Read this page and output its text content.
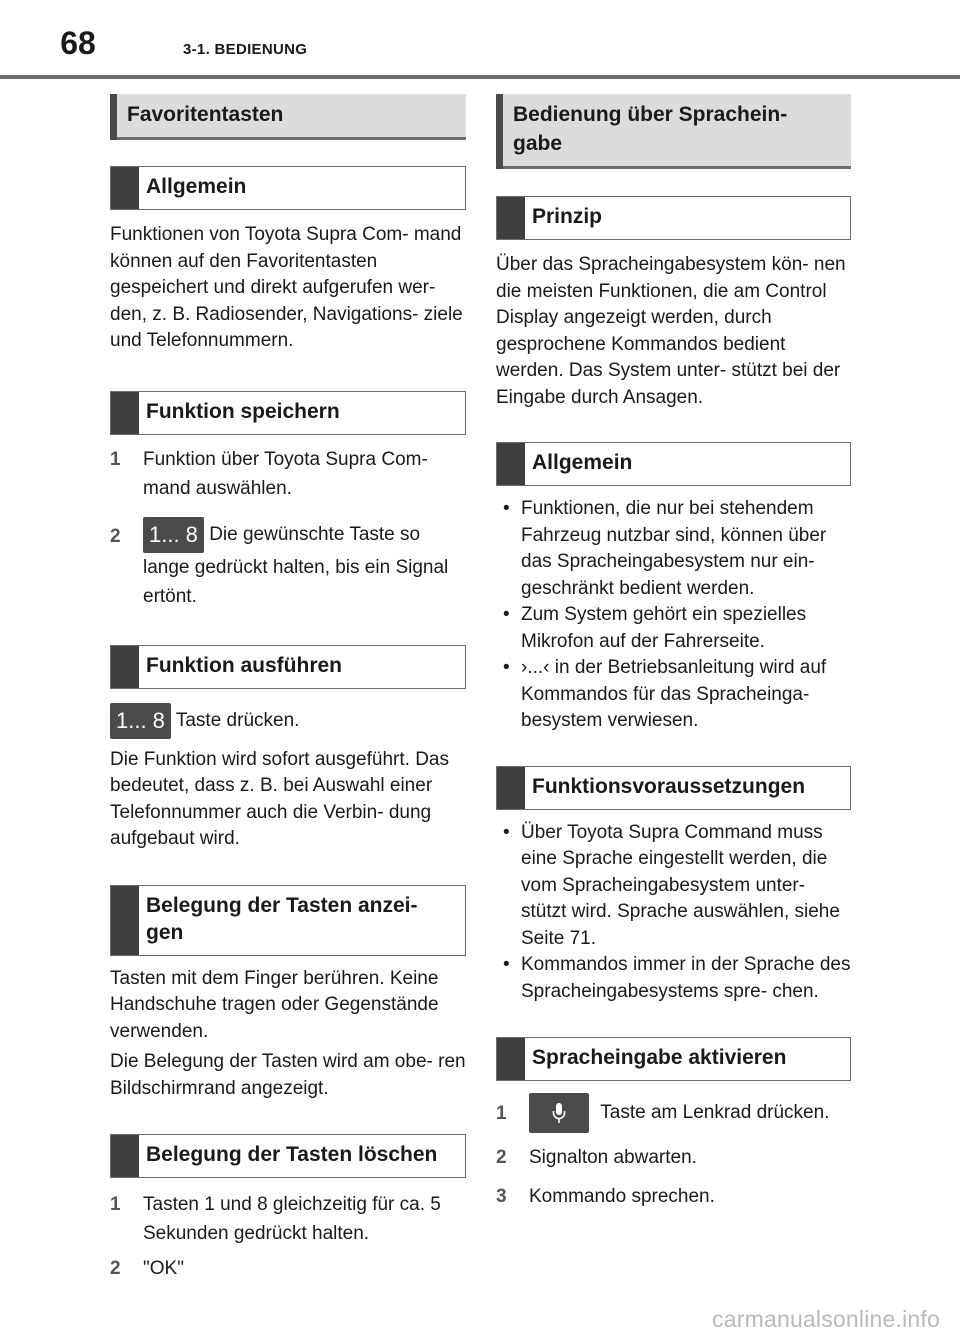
68	3-1. BEDIENUNG
Favoritentasten
Allgemein

Funktionen von Toyota Supra Com- mand können auf den Favoritentasten gespeichert und direkt aufgerufen wer- den, z. B. Radiosender, Navigations- ziele und Telefonnummern.

Funktion speichern
1	Funktion über Toyota Supra Com- mand auswählen.
2	1... 8 Die gewünschte Taste so lange gedrückt halten, bis ein Signal ertönt.
Funktion ausführen
1... 8 Taste drücken.

Die Funktion wird sofort ausgeführt. Das bedeutet, dass z. B. bei Auswahl einer Telefonnummer auch die Verbin- dung aufgebaut wird.

Belegung der Tasten anzei- gen

Tasten mit dem Finger berühren. Keine Handschuhe tragen oder Gegenstände verwenden.

Die Belegung der Tasten wird am obe- ren Bildschirmrand angezeigt.

Belegung der Tasten löschen
1	Tasten 1 und 8 gleichzeitig für ca. 5 Sekunden gedrückt halten.
2	"OK"
Bedienung über Sprachein- gabe
Prinzip

Über das Spracheingabesystem kön- nen die meisten Funktionen, die am Control Display angezeigt werden, durch gesprochene Kommandos bedient werden. Das System unter- stützt bei der Eingabe durch Ansagen.

Allgemein
• Funktionen, die nur bei stehendem Fahrzeug nutzbar sind, können über das Spracheingabesystem nur ein- geschränkt bedient werden.
• Zum System gehört ein spezielles Mikrofon auf der Fahrerseite.
• ›...‹ in der Betriebsanleitung wird auf Kommandos für das Spracheinga- besystem verwiesen.
Funktionsvoraussetzungen
• Über Toyota Supra Command muss eine Sprache eingestellt werden, die vom Spracheingabesystem unter- stützt wird. Sprache auswählen, siehe Seite 71.
• Kommandos immer in der Sprache des Spracheingabesystems spre- chen.
Spracheingabe aktivieren
1	Taste am Lenkrad drücken.
2	Signalton abwarten.
3	Kommando sprechen.
carmanualsonline.info
